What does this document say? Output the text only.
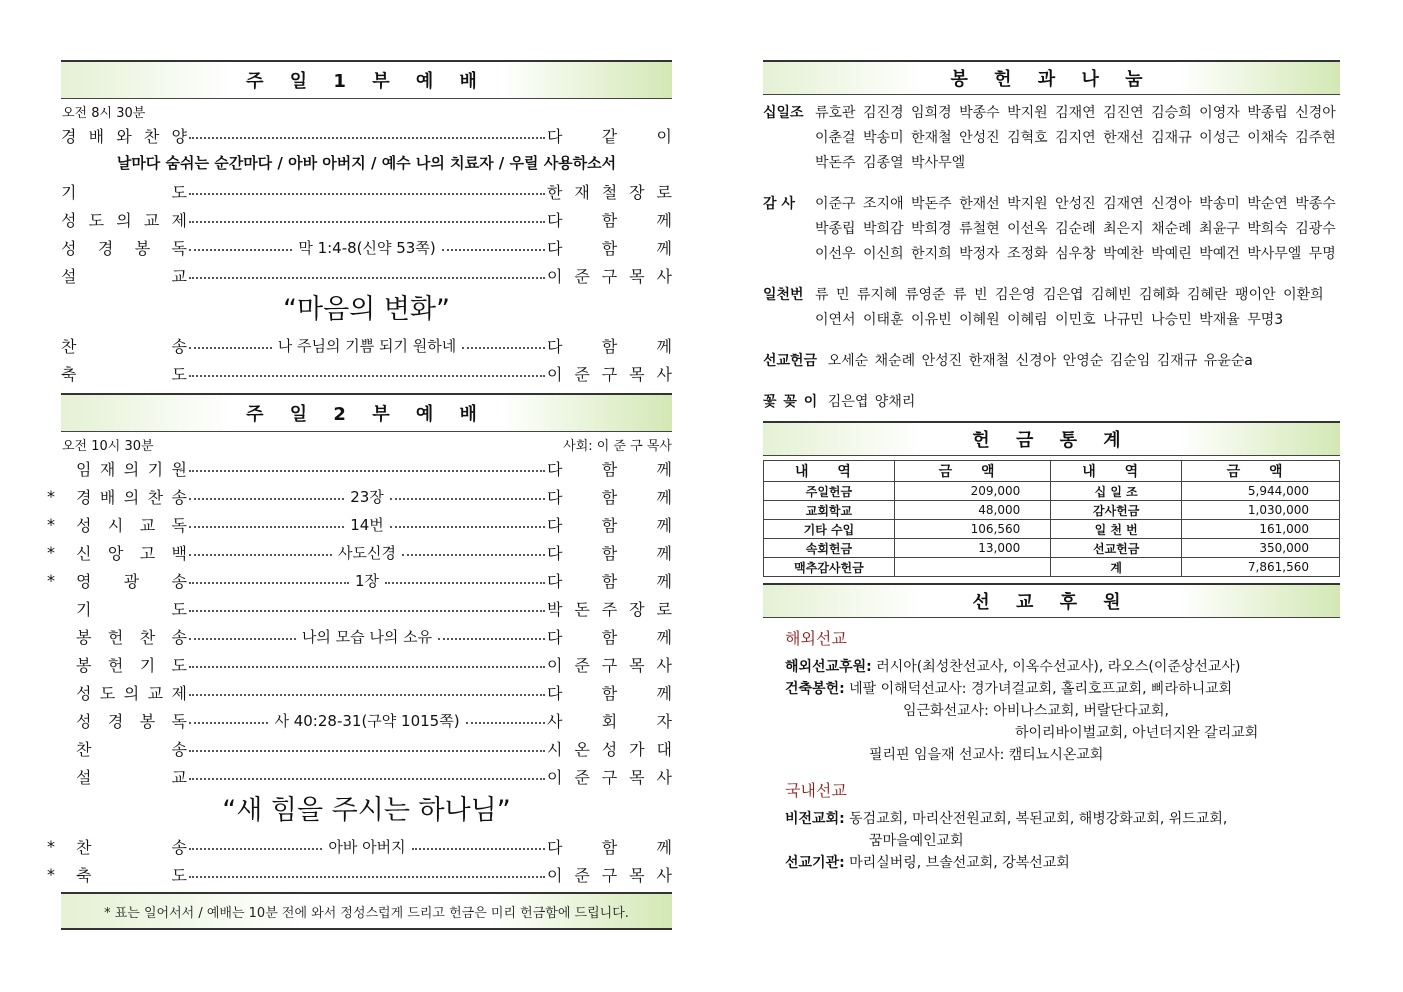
주 일 1 부 예 배
오전 8시 30분
경 배 와 찬 양	다 같 이
날마다 숨쉬는 순간마다 / 아바 아버지 / 예수 나의 치료자 / 우릴 사용하소서
기	도	한 재 철 장 로
성 도 의 교 제	다 함 께
성 경 봉 독	막 1:4-8(신약 53쪽)	다 함 께
설	교	이 준 구 목 사
“마음의 변화”
찬	송	나 주님의 기쁨 되기 원하네	다 함 께
축	도	이 준 구 목 사
주 일 2 부 예 배
오전 10시 30분	사회: 이 준 구 목사
임 재 의 기 원	다 함 께
* 경 배 의 찬 송	23장	다 함 께
* 성 시 교 독	14번	다 함 께
* 신 앙 고 백	사도신경	다 함 께
* 영 광 송	1장	다 함 께
기	도	박 돈 주 장 로
봉 헌 찬 송	나의 모습 나의 소유	다 함 께
봉 헌 기 도	이 준 구 목 사
성 도 의 교 제	다 함 께
성 경 봉 독	사 40:28-31(구약 1015쪽)	사 회 자
찬	송	시 온 성 가 대
설	교	이 준 구 목 사
“새 힘을 주시는 하나님”
* 찬	송	아바 아버지	다 함 께
* 축	도	이 준 구 목 사
* 표는 일어서서 / 예배는 10분 전에 와서 정성스럽게 드리고 헌금은 미리 헌금함에 드립니다.
봉 헌 과 나 눔
십일조 류호관 김진경 임희경 박종수 박지원 김재연 김진연 김승희 이영자 박종립 신경아 이춘걸 박송미 한재철 안성진 김혁호 김지연 한재선 김재규 이성근 이채숙 김주현 박돈주 김종열 박사무엘
감 사	이준구 조지애 박돈주 한재선 박지원 안성진 김재연 신경아 박송미 박순연 박종수 박종립 박희감 박희경 류철현 이선옥 김순례 최은지 채순례 최윤구 박희숙 김광수 이선우 이신희 한지희 박정자 조정화 심우창 박예찬 박예린 박예건 박사무엘 무명
일천번 류 민 류지혜 류영준 류 빈 김은영 김은엽 김혜빈 김혜화 김혜란 팽이안 이환희 이연서 이태훈 이유빈 이혜원 이혜림 이민호 나규민 나승민 박재율 무명3
선교헌금 오세순 채순례 안성진 한재철 신경아 안영순 김순임 김재규 유윤순a
꽃 꽂 이 김은엽 양채리
헌 금 통 계
내 역	금 액	내 역	금 액
주일헌금	209,000	십 일 조	5,944,000
교회학교	48,000	감사헌금	1,030,000
기타 수입	106,560	일 천 번	161,000
속회헌금	13,000	선교헌금	350,000
맥추감사헌금		계	7,861,560
선 교 후 원
해외선교
해외선교후원: 러시아(최성찬선교사, 이옥수선교사), 라오스(이준상선교사)
건축봉헌: 네팔 이해덕선교사: 경가녀걸교회, 홀리호프교회, 삐라하니교회
임근화선교사: 아비나스교회, 버랄단다교회,
하이리바이벌교회, 아넌더지완 갈리교회
필리핀 임을재 선교사: 캠티뇨시온교회
국내선교
비전교회: 동검교회, 마리산전원교회, 복된교회, 해병강화교회, 위드교회,
꿈마을예인교회
선교기관: 마리실버링, 브솔선교회, 강복선교회
